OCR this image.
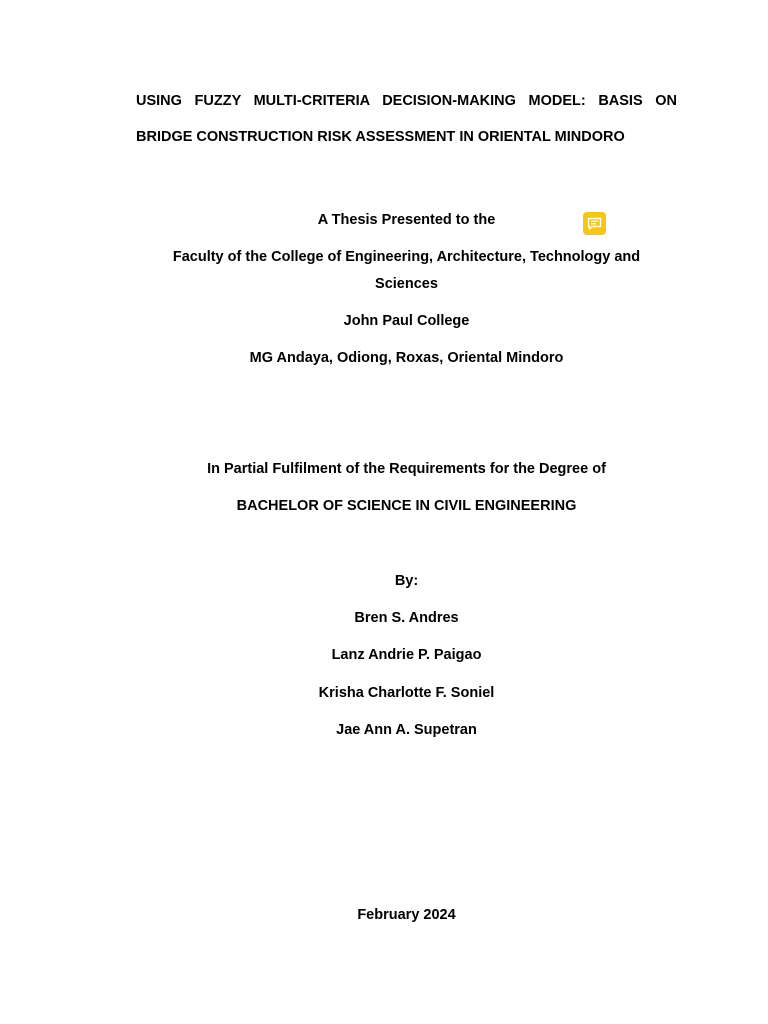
USING FUZZY MULTI-CRITERIA DECISION-MAKING MODEL: BASIS ON

BRIDGE CONSTRUCTION RISK ASSESSMENT IN ORIENTAL MINDORO

A Thesis Presented to the

Faculty of the College of Engineering, Architecture, Technology and

Sciences

John Paul College

MG Andaya, Odiong, Roxas, Oriental Mindoro

In Partial Fulfilment of the Requirements for the Degree of

BACHELOR OF SCIENCE IN CIVIL ENGINEERING

By:

Bren S. Andres

Lanz Andrie P. Paigao

Krisha Charlotte F. Soniel

Jae Ann A. Supetran

February 2024
